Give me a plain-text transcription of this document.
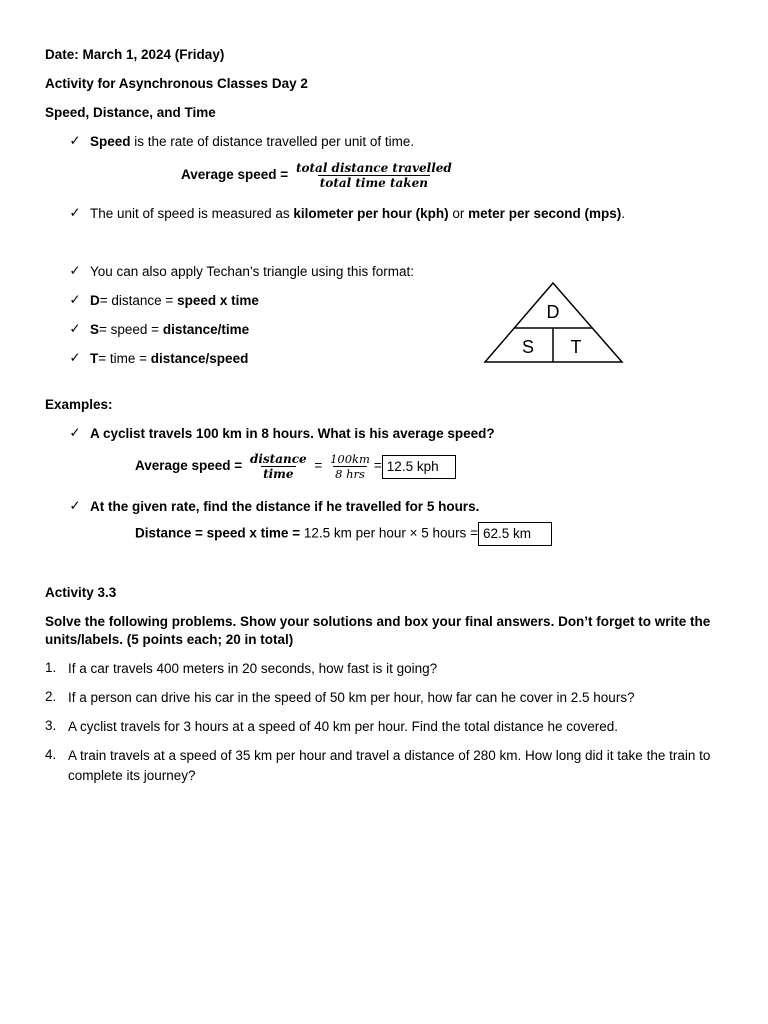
Date: March 1, 2024 (Friday)
Activity for Asynchronous Classes Day 2
Speed, Distance, and Time
✓ Speed is the rate of distance travelled per unit of time.
Average speed = $\frac{\text{total distance travelled}}{\text{total time taken}}$
✓ The unit of speed is measured as kilometer per hour (kph) or meter per second (mps).
✓ You can also apply Techan’s triangle using this format:
✓ D= distance = speed x time
✓ S= speed = distance/time
✓ T= time = distance/speed
D
S T
Examples:
✓ A cyclist travels 100 km in 8 hours. What is his average speed?
Average speed = $\frac{\text{distance}}{\text{time}} = \frac{100km}{\text{8 hrs}} = 12.5$ kph
✓ At the given rate, find the distance if he travelled for 5 hours.
Distance = speed x time = 12.5 km per hour × 5 hours = 62.5 km
Activity 3.3
Solve the following problems. Show your solutions and box your final answers. Don’t forget to write the
units/labels. (5 points each; 20 in total)
1. If a car travels 400 meters in 20 seconds, how fast is it going?
2. If a person can drive his car in the speed of 50 km per hour, how far can he cover in 2.5 hours?
3. A cyclist travels for 3 hours at a speed of 40 km per hour. Find the total distance he covered.
4. A train travels at a speed of 35 km per hour and travel a distance of 280 km. How long did it take the train to complete its journey?
